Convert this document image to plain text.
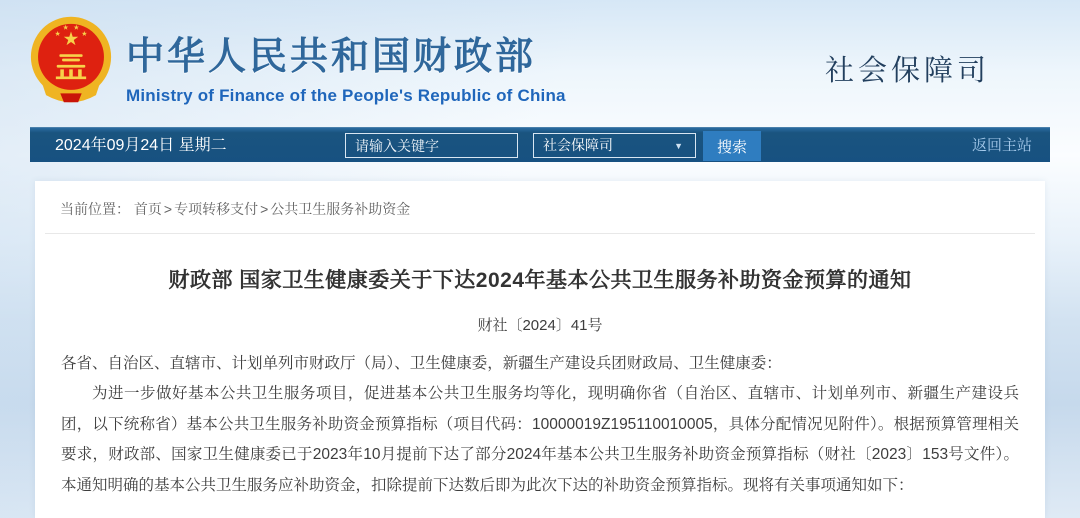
中华人民共和国财政部
Ministry of Finance of the People's Republic of China
社会保障司
2024年09月24日 星期二
请输入关键字	社会保障司	▼	搜索	返回主站
当前位置： 首页 > 专项转移支付 > 公共卫生服务补助资金
财政部 国家卫生健康委关于下达2024年基本公共卫生服务补助资金预算的通知
财社〔2024〕41号

各省、自治区、直辖市、计划单列市财政厅（局）、卫生健康委，新疆生产建设兵团财政局、卫生健康委：

为进一步做好基本公共卫生服务项目，促进基本公共卫生服务均等化，现明确你省（自治区、直辖市、计划单列市、新疆生产建设兵团，以下统称省）基本公共卫生服务补助资金预算指标（项目代码：10000019Z195110010005，具体分配情况见附件）。根据预算管理相关要求，财政部、国家卫生健康委已于2023年10月提前下达了部分2024年基本公共卫生服务补助资金预算指标（财社〔2023〕153号文件）。本通知明确的基本公共卫生服务应补助资金，扣除提前下达数后即为此次下达的补助资金预算指标。现将有关事项通知如下：
